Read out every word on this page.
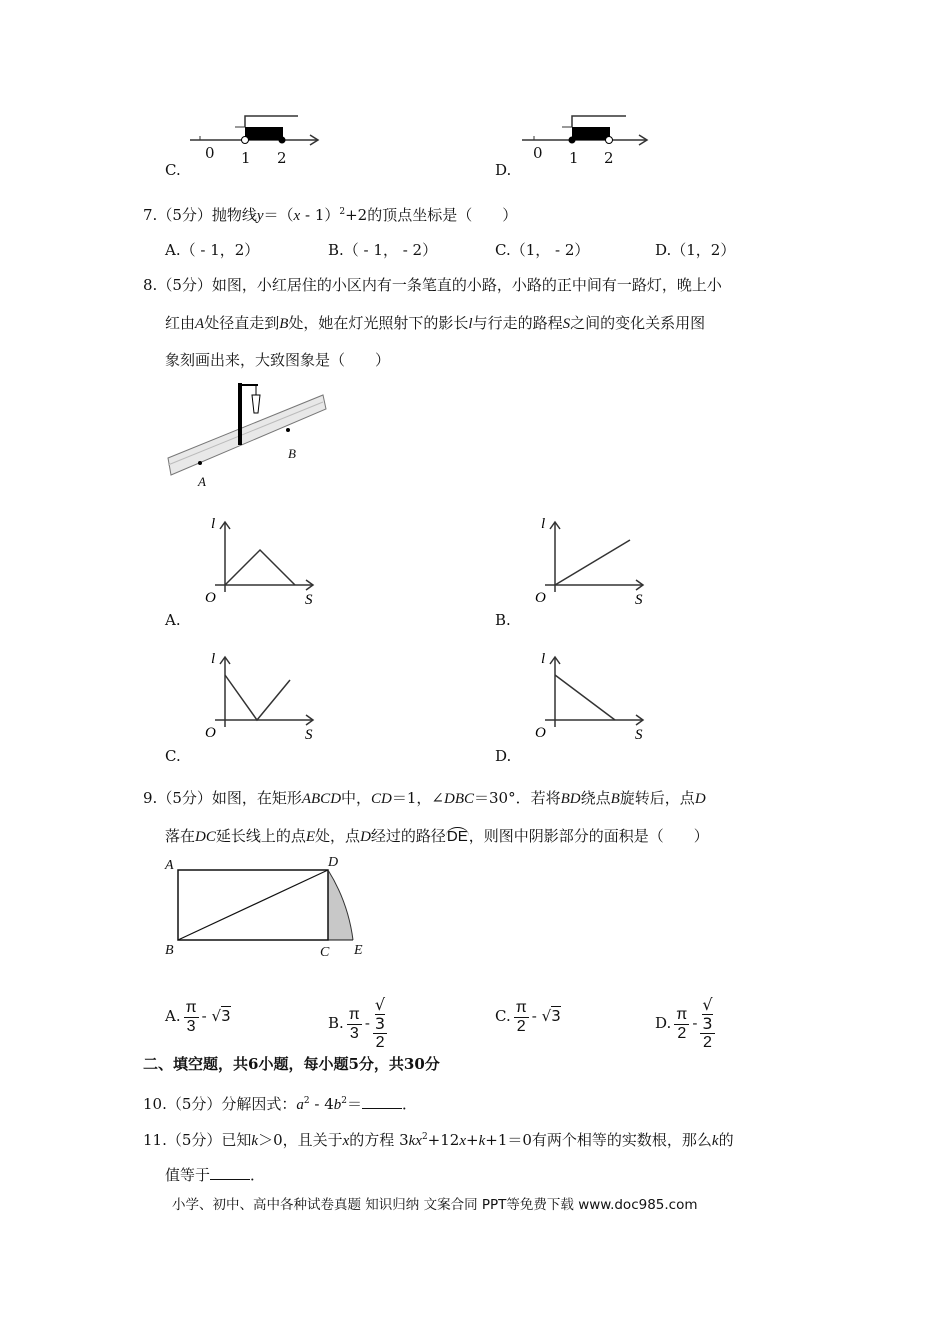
0 1 2
C.
0 1 2
D.
7.（5分）抛物线y＝（x - 1）$^2$+2的顶点坐标是（　　）
A.（ - 1，2）	B.（ - 1， - 2）	C.（1， - 2）	D.（1，2）
8.（5分）如图，小红居住的小区内有一条笔直的小路，小路的正中间有一路灯，晚上小
红由A处径直走到B处，她在灯光照射下的影长l与行走的路程S之间的变化关系用图
象刻画出来，大致图象是（　　）
A
B
l
O	S
l
O	S
l
O	S
l
O	S
A.	B.
C.	D.
9.（5分）如图，在矩形ABCD中，CD＝1，∠DBC＝30°．若将BD绕点B旋转后，点D
落在DC延长线上的点E处，点D经过的路径DE，则图中阴影部分的面积是（　　）
A	D
B	C E
A. $\frac{\pi}{3} - √3$	B. $\frac{\pi}{3}$ - √
3
2	C. $\frac{\pi}{2} - √3$	D. $\frac{\pi}{2}$ - √
3
2
二、填空题，共6小题，每小题5分，共30分
10.（5分）分解因式：$a^2 - 4b^2=$	．
11.（5分）已知k＞0，且关于x的方程 $3kx^2+12x+k+1=0$有两个相等的实数根，那么k的
值等于	．
小学、初中、高中各种试卷真题 知识归纳 文案合同 PPT等免费下载 www.doc985.com
